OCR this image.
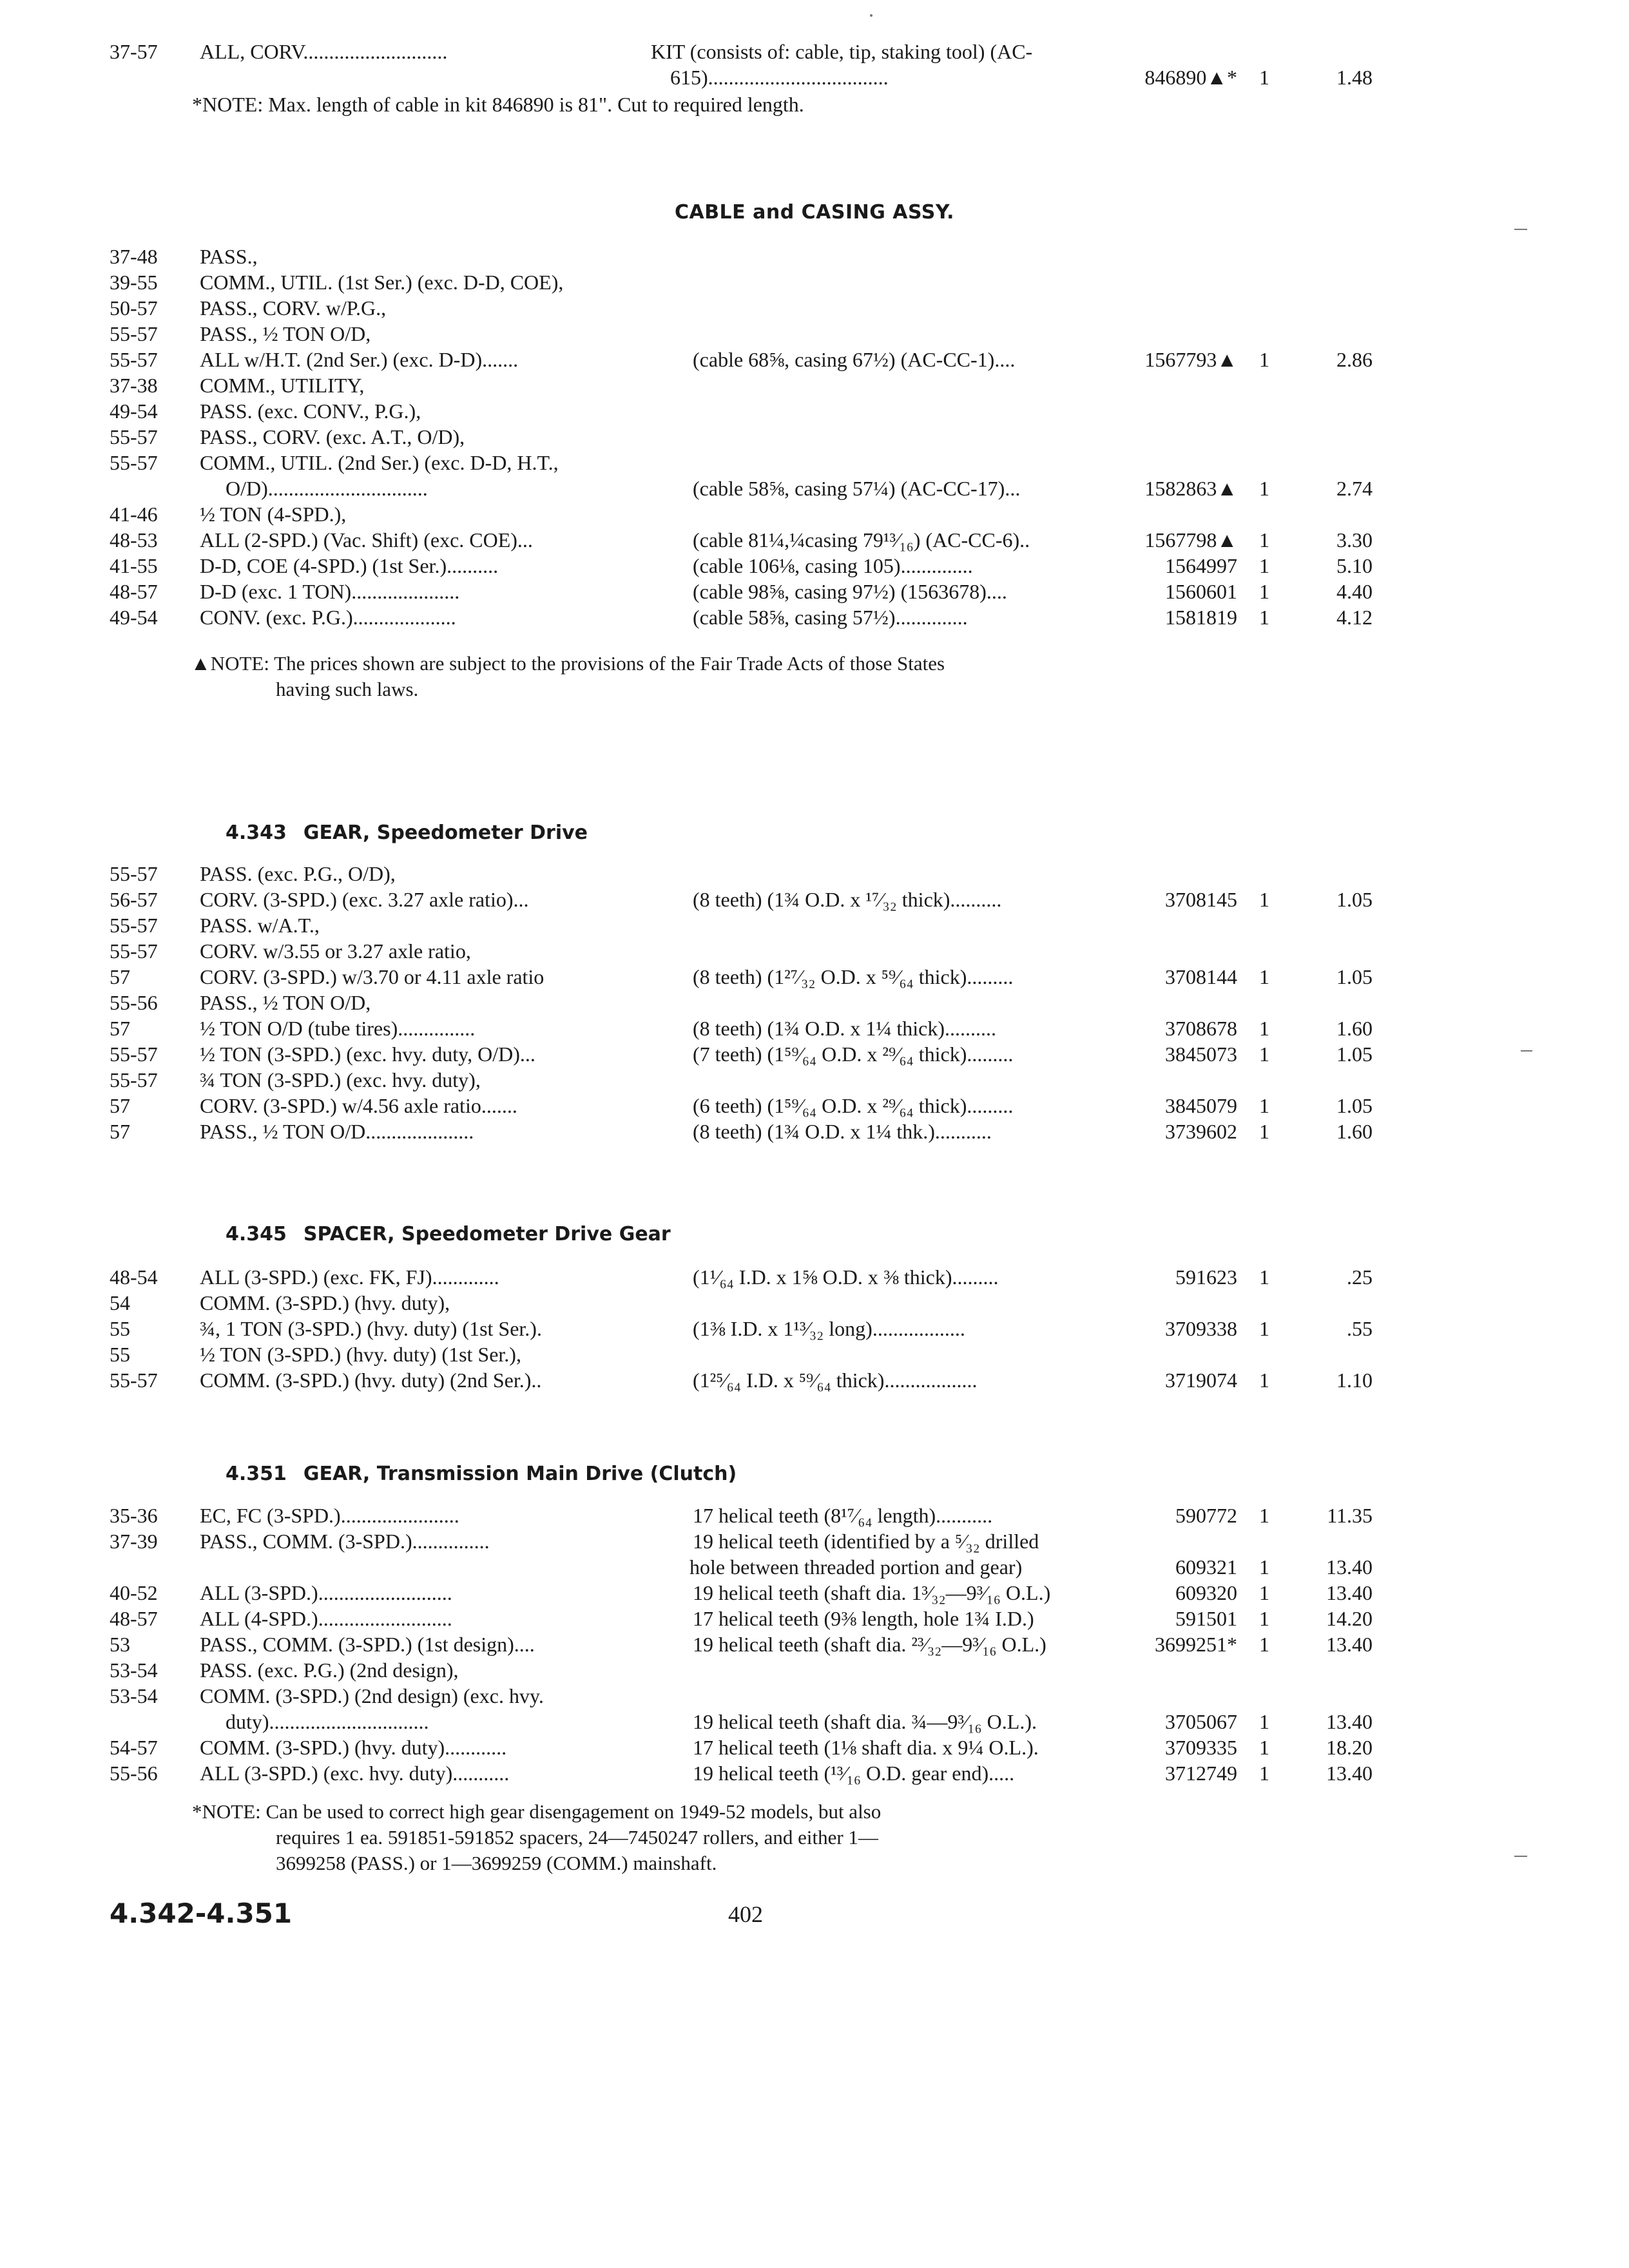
37-57	ALL, CORV............................	KIT (consists of: cable, tip, staking tool) (AC-
615)...................................	846890▲*	1	1.48
*NOTE: Max. length of cable in kit 846890 is 81". Cut to required length.
CABLE and CASING ASSY.
37-48	PASS.,
39-55	COMM., UTIL. (1st Ser.) (exc. D-D, COE),
50-57	PASS., CORV. w/P.G.,
55-57	PASS., ½ TON O/D,
55-57	ALL w/H.T. (2nd Ser.) (exc. D-D).......	(cable 68⅝, casing 67½) (AC-CC-1)....	1567793▲	1	2.86
37-38	COMM., UTILITY,
49-54	PASS. (exc. CONV., P.G.),
55-57	PASS., CORV. (exc. A.T., O/D),
55-57	COMM., UTIL. (2nd Ser.) (exc. D-D, H.T.,
O/D)...............................	(cable 58⅝, casing 57¼) (AC-CC-17)...	1582863▲	1	2.74
41-46	½ TON (4-SPD.),
48-53	ALL (2-SPD.) (Vac. Shift) (exc. COE)...	(cable 81¼,¼casing 79¹³⁄₁₆) (AC-CC-6)..	1567798▲	1	3.30
41-55	D-D, COE (4-SPD.) (1st Ser.)..........	(cable 106⅛, casing 105)..............	1564997	1	5.10
48-57	D-D (exc. 1 TON).....................	(cable 98⅝, casing 97½) (1563678)....	1560601	1	4.40
49-54	CONV. (exc. P.G.)....................	(cable 58⅝, casing 57½)..............	1581819	1	4.12
▲NOTE: The prices shown are subject to the provisions of the Fair Trade Acts of those States
having such laws.
4.343 GEAR, Speedometer Drive
55-57	PASS. (exc. P.G., O/D),
56-57	CORV. (3-SPD.) (exc. 3.27 axle ratio)...	(8 teeth) (1¾ O.D. x ¹⁷⁄₃₂ thick)..........	3708145	1	1.05
55-57	PASS. w/A.T.,
55-57	CORV. w/3.55 or 3.27 axle ratio,
57	CORV. (3-SPD.) w/3.70 or 4.11 axle ratio	(8 teeth) (1²⁷⁄₃₂ O.D. x ⁵⁹⁄₆₄ thick).........	3708144	1	1.05
55-56	PASS., ½ TON O/D,
57	½ TON O/D (tube tires)...............	(8 teeth) (1¾ O.D. x 1¼ thick)..........	3708678	1	1.60
55-57	½ TON (3-SPD.) (exc. hvy. duty, O/D)...	(7 teeth) (1⁵⁹⁄₆₄ O.D. x ²⁹⁄₆₄ thick).........	3845073	1	1.05
55-57	¾ TON (3-SPD.) (exc. hvy. duty),
57	CORV. (3-SPD.) w/4.56 axle ratio.......	(6 teeth) (1⁵⁹⁄₆₄ O.D. x ²⁹⁄₆₄ thick).........	3845079	1	1.05
57	PASS., ½ TON O/D.....................	(8 teeth) (1¾ O.D. x 1¼ thk.)...........	3739602	1	1.60
4.345 SPACER, Speedometer Drive Gear
48-54	ALL (3-SPD.) (exc. FK, FJ).............	(1¹⁄₆₄ I.D. x 1⅝ O.D. x ⅜ thick).........	591623	1	.25
54	COMM. (3-SPD.) (hvy. duty),
55	¾, 1 TON (3-SPD.) (hvy. duty) (1st Ser.).	(1⅜ I.D. x 1¹³⁄₃₂ long)..................	3709338	1	.55
55	½ TON (3-SPD.) (hvy. duty) (1st Ser.),
55-57	COMM. (3-SPD.) (hvy. duty) (2nd Ser.)..	(1²⁵⁄₆₄ I.D. x ⁵⁹⁄₆₄ thick)..................	3719074	1	1.10
4.351 GEAR, Transmission Main Drive (Clutch)
35-36	EC, FC (3-SPD.).......................	17 helical teeth (8¹⁷⁄₆₄ length)...........	590772	1	11.35
37-39	PASS., COMM. (3-SPD.)...............	19 helical teeth (identified by a ⁵⁄₃₂ drilled
hole between threaded portion and gear)	609321	1	13.40
40-52	ALL (3-SPD.)..........................	19 helical teeth (shaft dia. 1³⁄₃₂—9³⁄₁₆ O.L.)	609320	1	13.40
48-57	ALL (4-SPD.)..........................	17 helical teeth (9⅜ length, hole 1¾ I.D.)	591501	1	14.20
53	PASS., COMM. (3-SPD.) (1st design)....	19 helical teeth (shaft dia. ²³⁄₃₂—9³⁄₁₆ O.L.)	3699251*	1	13.40
53-54	PASS. (exc. P.G.) (2nd design),
53-54	COMM. (3-SPD.) (2nd design) (exc. hvy.
duty)...............................	19 helical teeth (shaft dia. ¾—9³⁄₁₆ O.L.).	3705067	1	13.40
54-57	COMM. (3-SPD.) (hvy. duty)............	17 helical teeth (1⅛ shaft dia. x 9¼ O.L.).	3709335	1	18.20
55-56	ALL (3-SPD.) (exc. hvy. duty)...........	19 helical teeth (¹³⁄₁₆ O.D. gear end).....	3712749	1	13.40
*NOTE: Can be used to correct high gear disengagement on 1949-52 models, but also
requires 1 ea. 591851-591852 spacers, 24—7450247 rollers, and either 1—
3699258 (PASS.) or 1—3699259 (COMM.) mainshaft.
4.342-4.351	402
